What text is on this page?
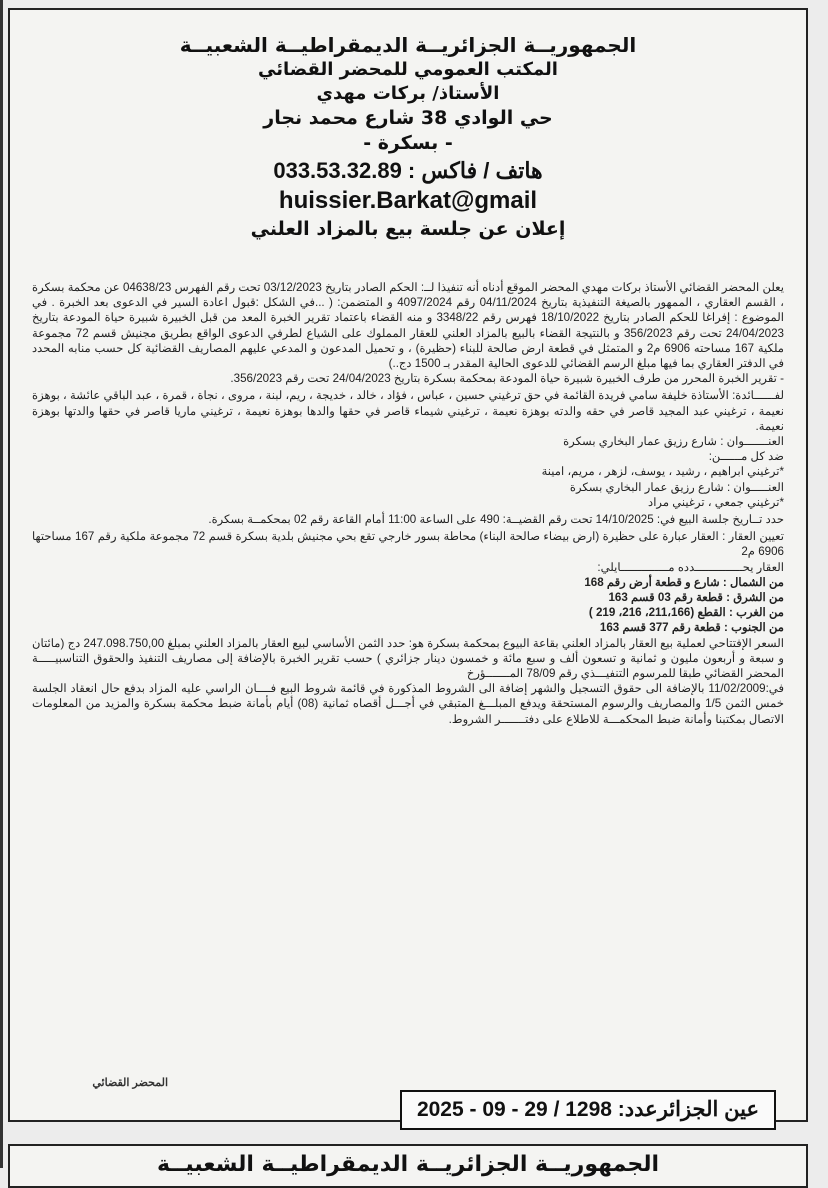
الجمهوريــة الجزائريــة الديمقراطيــة الشعبيــة
المكتب العمومي للمحضر القضائي
الأستاذ/ بركات مهدي
حي الوادي 38 شارع محمد نجار
- بسكرة -
هاتف / فاكس : 033.53.32.89
huissier.Barkat@gmail
إعلان عن جلسة بيع بالمزاد العلني

يعلن المحضر القضائي الأستاذ بركات مهدي المحضر الموقع أدناه أنه تنفيذا لــ: الحكم الصادر بتاريخ 03/12/2023 تحت رقم الفهرس 04638/23 عن محكمة بسكرة ، القسم العقاري ، الممهور بالصيغة التنفيذية بتاريخ 04/11/2024 رقم 4097/2024 و المتضمن: ( ...في الشكل :قبول اعادة السير في الدعوى بعد الخبرة . في الموضوع : إفراغا للحكم الصادر بتاريخ 18/10/2022 فهرس رقم 3348/22 و منه القضاء باعتماد تقرير الخبرة المعد من قبل الخبيرة شبيرة حياة المودعة بتاريخ 24/04/2023 تحت رقم 356/2023 و بالنتيجة القضاء بالبيع بالمزاد العلني للعقار المملوك على الشياع لطرفي الدعوى الواقع بطريق مجنيش قسم 72 مجموعة ملكية 167 مساحته 6906 م2 و المتمثل في قطعة ارض صالحة للبناء (حظيرة) ، و تحميل المدعون و المدعي عليهم المصاريف القضائية كل حسب منابه المحدد في الدفتر العقاري بما فيها مبلغ الرسم القضائي للدعوى الحالية المقدر بـ 1500 دج..)

- تقرير الخبرة المحرر من طرف الخبيرة شبيرة حياة المودعة بمحكمة بسكرة بتاريخ 24/04/2023 تحت رقم 356/2023.

لفــــــائدة: الأستاذة خليفة سامي فريدة القائمة في حق ترغيني حسين ، عباس ، فؤاد ، خالد ، خديجة ، ريم، لبنة ، مروى ، نجاة ، قمرة ، عبد الباقي عائشة ، بوهزة نعيمة ، ترغيني عبد المجيد قاصر في حقه والدته بوهزة نعيمة ، ترغيني شيماء قاصر في حقها والدها بوهزة نعيمة ، ترغيني ماريا قاصر في حقها والدتها بوهزة نعيمة.

العنـــــــوان : شارع رزيق عمار البخاري بسكرة

ضد كل مــــــن:

*ترغيني ابراهيم ، رشيد ، يوسف، لزهر ، مريم، امينة

العنـــــوان : شارع رزيق عمار البخاري بسكرة

*ترغيني جمعي ، ترغيني مراد

حدد تــاريخ جلسة البيع في: 14/10/2025 تحت رقم القضيــة: 490 على الساعة 11:00 أمام القاعة رقم 02 بمحكمــة بسكرة.

تعيين العقار : العقار عبارة على حظيرة (ارض بيضاء صالحة البناء) محاطة بسور خارجي تقع بحي مجنيش بلدية بسكرة قسم 72 مجموعة ملكية رقم 167 مساحتها 6906 م2

العقار يحــــــــــــــدده مــــــــــــــايلي:

من الشمال : شارع و قطعة أرض رقم 168

من الشرق : قطعة رقم 03 قسم 163

من الغرب : القطع (211،166، 216، 219 )

من الجنوب : قطعة رقم 377 قسم 163

السعر الإفتتاحي لعملية بيع العقار بالمزاد العلني بقاعة البيوع بمحكمة بسكرة هو: حدد الثمن الأساسي لبيع العقار بالمزاد العلني بمبلغ 247.098.750,00 دج (مائتان و سبعة و أربعون مليون و ثمانية و تسعون ألف و سبع مائة و خمسون دينار جزائري ) حسب تقرير الخبرة بالإضافة إلى مصاريف التنفيذ والحقوق التناسبيـــــة المحضر القضائي طبقا للمرسوم التنفيـــذي رقم 78/09 المـــــــؤرخ

في:11/02/2009 بالإضافة الى حقوق التسجيل والشهر إضافة الى الشروط المذكورة في قائمة شروط البيع فــــان الراسي عليه المزاد بدفع حال انعقاد الجلسة خمس الثمن 1/5 والمصاريف والرسوم المستحقة ويدفع المبلـــغ المتبقي في أجـــل أقصاه ثمانية (08) أيام بأمانة ضبط محكمة بسكرة والمزيد من المعلومات الاتصال بمكتبنا وأمانة ضبط المحكمـــة للاطلاع على دفتـــــــر الشروط.

المحضر القضائي
عين الجزائرعدد: 1298 / 29 - 09 - 2025
الجمهوريــة الجزائريــة الديمقراطيــة الشعبيــة
